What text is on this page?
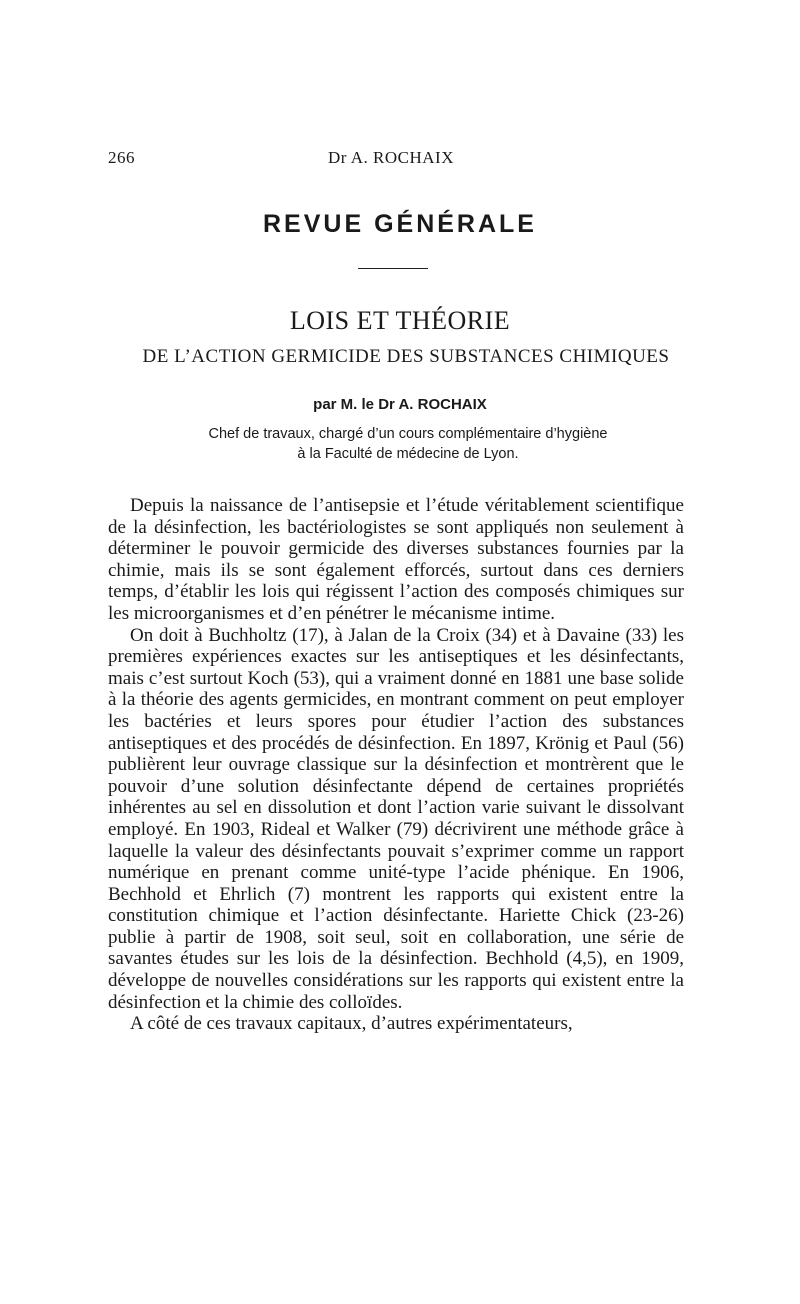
266	Dr A. ROCHAIX
REVUE GÉNÉRALE
LOIS ET THÉORIE
DE L’ACTION GERMICIDE DES SUBSTANCES CHIMIQUES
par M. le Dr A. ROCHAIX
Chef de travaux, chargé d’un cours complémentaire d’hygiène
à la Faculté de médecine de Lyon.

Depuis la naissance de l’antisepsie et l’étude véritablement scientifique de la désinfection, les bactériologistes se sont appliqués non seulement à déterminer le pouvoir germicide des diverses substances fournies par la chimie, mais ils se sont également efforcés, surtout dans ces derniers temps, d’établir les lois qui régissent l’action des composés chimiques sur les microorganismes et d’en pénétrer le mécanisme intime.

On doit à Buchholtz (17), à Jalan de la Croix (34) et à Davaine (33) les premières expériences exactes sur les antiseptiques et les désinfectants, mais c’est surtout Koch (53), qui a vraiment donné en 1881 une base solide à la théorie des agents germicides, en montrant comment on peut employer les bactéries et leurs spores pour étudier l’action des substances antiseptiques et des procédés de désinfection. En 1897, Krönig et Paul (56) publièrent leur ouvrage classique sur la désinfection et montrèrent que le pouvoir d’une solution désinfectante dépend de certaines propriétés inhérentes au sel en dissolution et dont l’action varie suivant le dissolvant employé. En 1903, Rideal et Walker (79) décrivirent une méthode grâce à laquelle la valeur des désinfectants pouvait s’exprimer comme un rapport numérique en prenant comme unité-type l’acide phénique. En 1906, Bechhold et Ehrlich (7) montrent les rapports qui existent entre la constitution chimique et l’action désinfectante. Hariette Chick (23-26) publie à partir de 1908, soit seul, soit en collaboration, une série de savantes études sur les lois de la désinfection. Bechhold (4,5), en 1909, développe de nouvelles considérations sur les rapports qui existent entre la désinfection et la chimie des colloïdes.

A côté de ces travaux capitaux, d’autres expérimentateurs,
